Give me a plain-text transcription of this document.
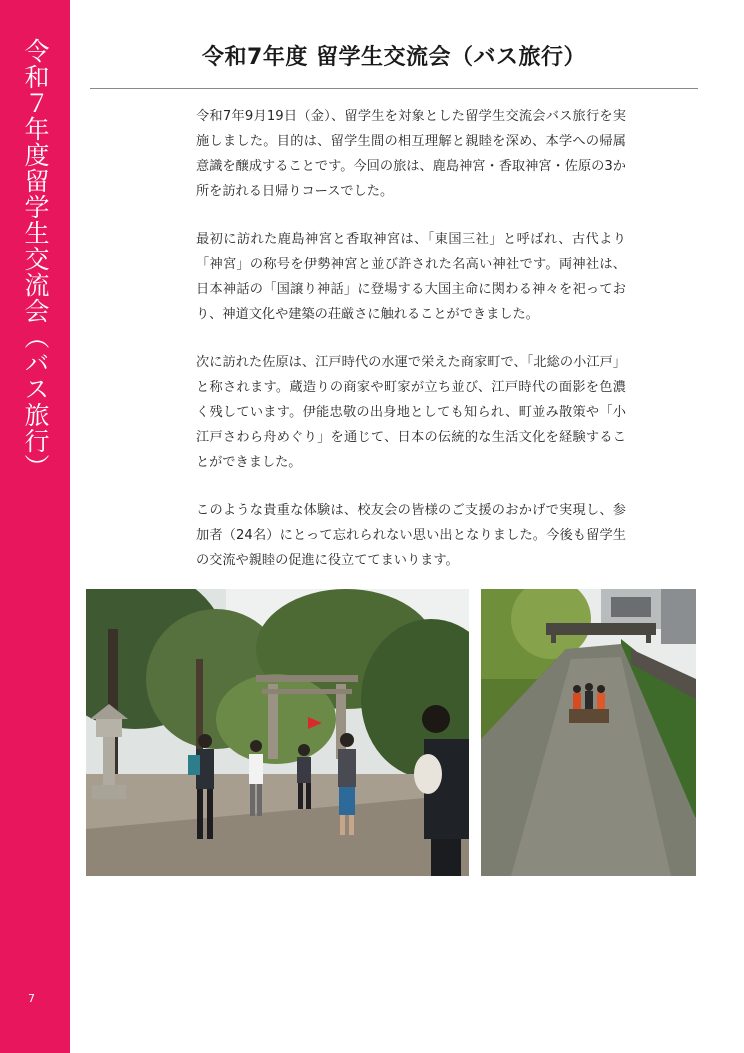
令和７年度留学生交流会（バス旅行）
7
令和7年度 留学生交流会（バス旅行）

令和7年9月19日（金）、留学生を対象とした留学生交流会バス旅行を実施しました。目的は、留学生間の相互理解と親睦を深め、本学への帰属意識を醸成することです。今回の旅は、鹿島神宮・香取神宮・佐原の3か所を訪れる日帰りコースでした。

最初に訪れた鹿島神宮と香取神宮は、「東国三社」と呼ばれ、古代より「神宮」の称号を伊勢神宮と並び許された名高い神社です。両神社は、日本神話の「国譲り神話」に登場する大国主命に関わる神々を祀っており、神道文化や建築の荘厳さに触れることができました。

次に訪れた佐原は、江戸時代の水運で栄えた商家町で、「北総の小江戸」と称されます。蔵造りの商家や町家が立ち並び、江戸時代の面影を色濃く残しています。伊能忠敬の出身地としても知られ、町並み散策や「小江戸さわら舟めぐり」を通じて、日本の伝統的な生活文化を経験することができました。

このような貴重な体験は、校友会の皆様のご支援のおかげで実現し、参加者（24名）にとって忘れられない思い出となりました。今後も留学生の交流や親睦の促進に役立ててまいります。
